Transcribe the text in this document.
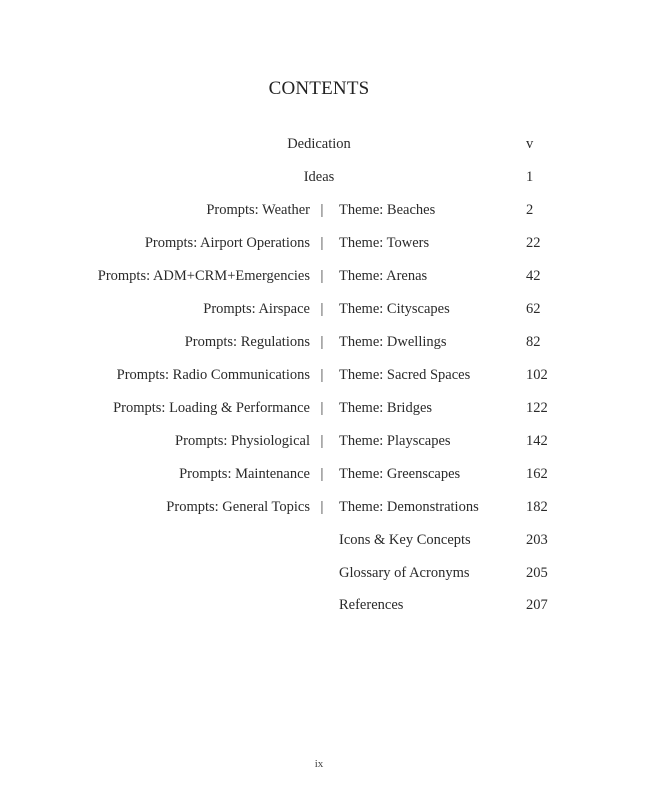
CONTENTS
Dedication	v
Ideas	1
Prompts: Weather | Theme: Beaches	2
Prompts: Airport Operations | Theme: Towers	22
Prompts: ADM+CRM+Emergencies | Theme: Arenas	42
Prompts: Airspace | Theme: Cityscapes	62
Prompts: Regulations | Theme: Dwellings	82
Prompts: Radio Communications | Theme: Sacred Spaces	102
Prompts: Loading & Performance | Theme: Bridges	122
Prompts: Physiological | Theme: Playscapes	142
Prompts: Maintenance | Theme: Greenscapes	162
Prompts: General Topics | Theme: Demonstrations	182
Icons & Key Concepts	203
Glossary of Acronyms	205
References	207
ix
